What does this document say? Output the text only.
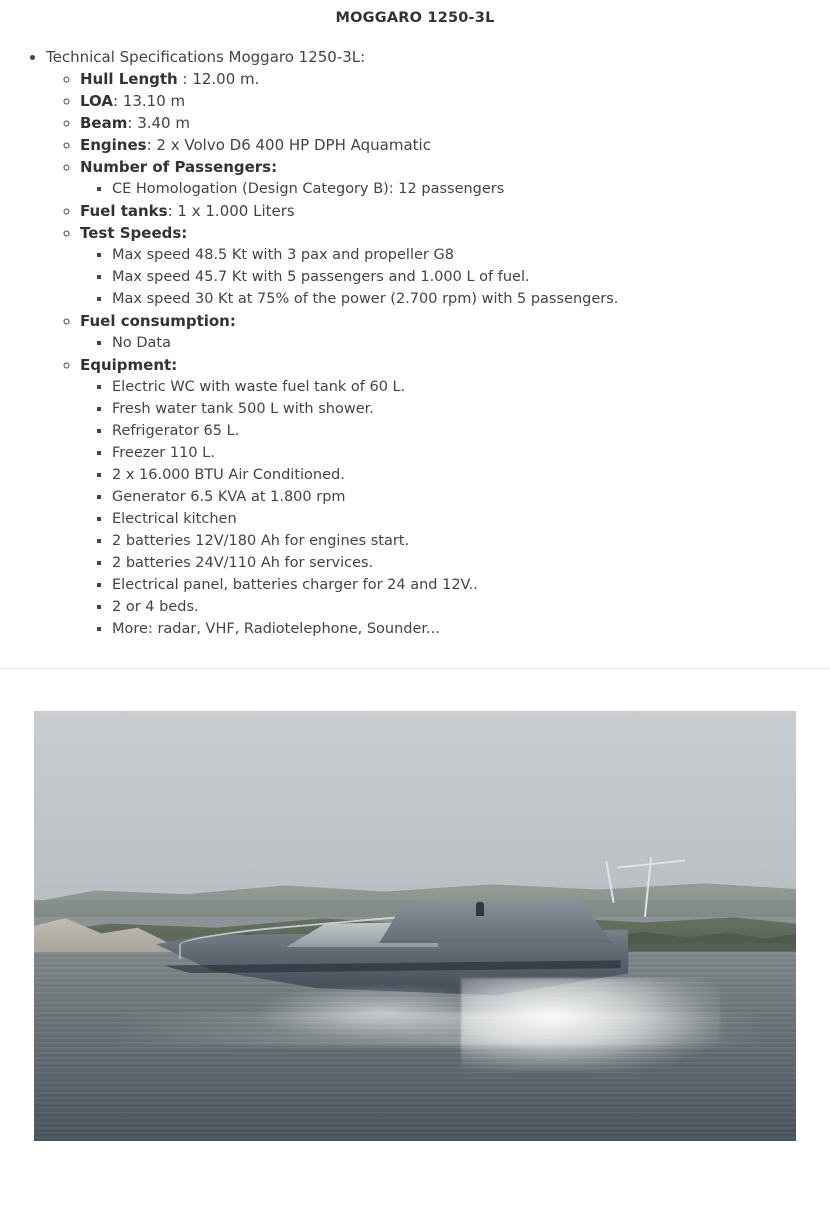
MOGGARO 1250-3L
• Technical Specifications Moggaro 1250-3L:
◦ Hull Length : 12.00 m.
◦ LOA: 13.10 m
◦ Beam: 3.40 m
◦ Engines: 2 x Volvo D6 400 HP DPH Aquamatic
◦ Number of Passengers:
▪ CE Homologation (Design Category B): 12 passengers
◦ Fuel tanks: 1 x 1.000 Liters
◦ Test Speeds:
▪ Max speed 48.5 Kt with 3 pax and propeller G8
▪ Max speed 45.7 Kt with 5 passengers and 1.000 L of fuel.
▪ Max speed 30 Kt at 75% of the power (2.700 rpm) with 5 passengers.
◦ Fuel consumption:
▪ No Data
◦ Equipment:
▪ Electric WC with waste fuel tank of 60 L.
▪ Fresh water tank 500 L with shower.
▪ Refrigerator 65 L.
▪ Freezer 110 L.
▪ 2 x 16.000 BTU Air Conditioned.
▪ Generator 6.5 KVA at 1.800 rpm
▪ Electrical kitchen
▪ 2 batteries 12V/180 Ah for engines start.
▪ 2 batteries 24V/110 Ah for services.
▪ Electrical panel, batteries charger for 24 and 12V..
▪ 2 or 4 beds.
▪ More: radar, VHF, Radiotelephone, Sounder...
